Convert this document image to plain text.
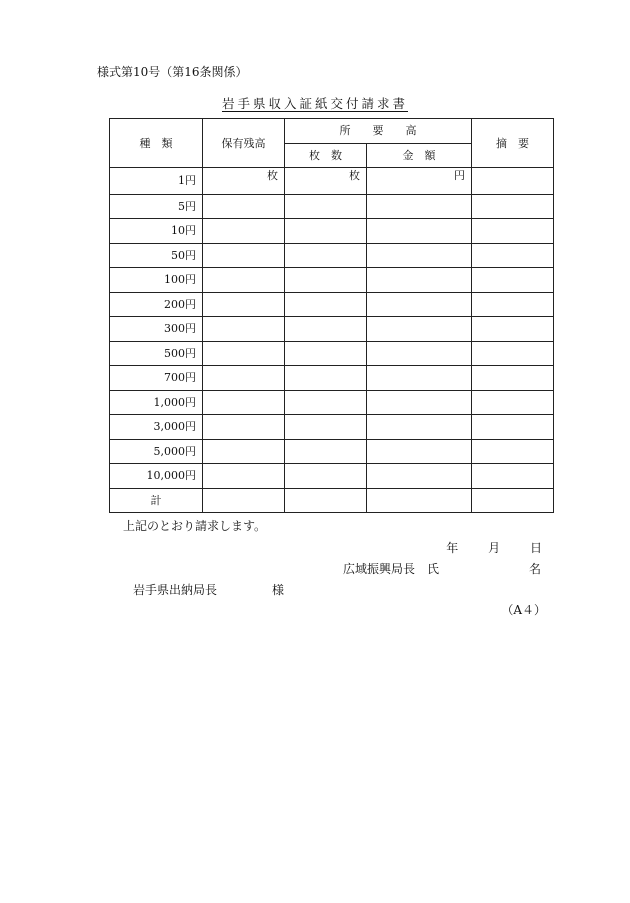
様式第10号（第16条関係）
岩手県収入証紙交付請求書
種　類	保有残高	所　　要　　高		摘　要
		枚　数	金　額	
1円	枚	枚	円	
5円				
10円				
50円				
100円				
200円				
300円				
500円				
700円				
1,000円				
3,000円				
5,000円				
10,000円				
計				
上記のとおり請求します。
年 月 日
広域振興局長　氏	名
岩手県出納局長	様
（A４）
